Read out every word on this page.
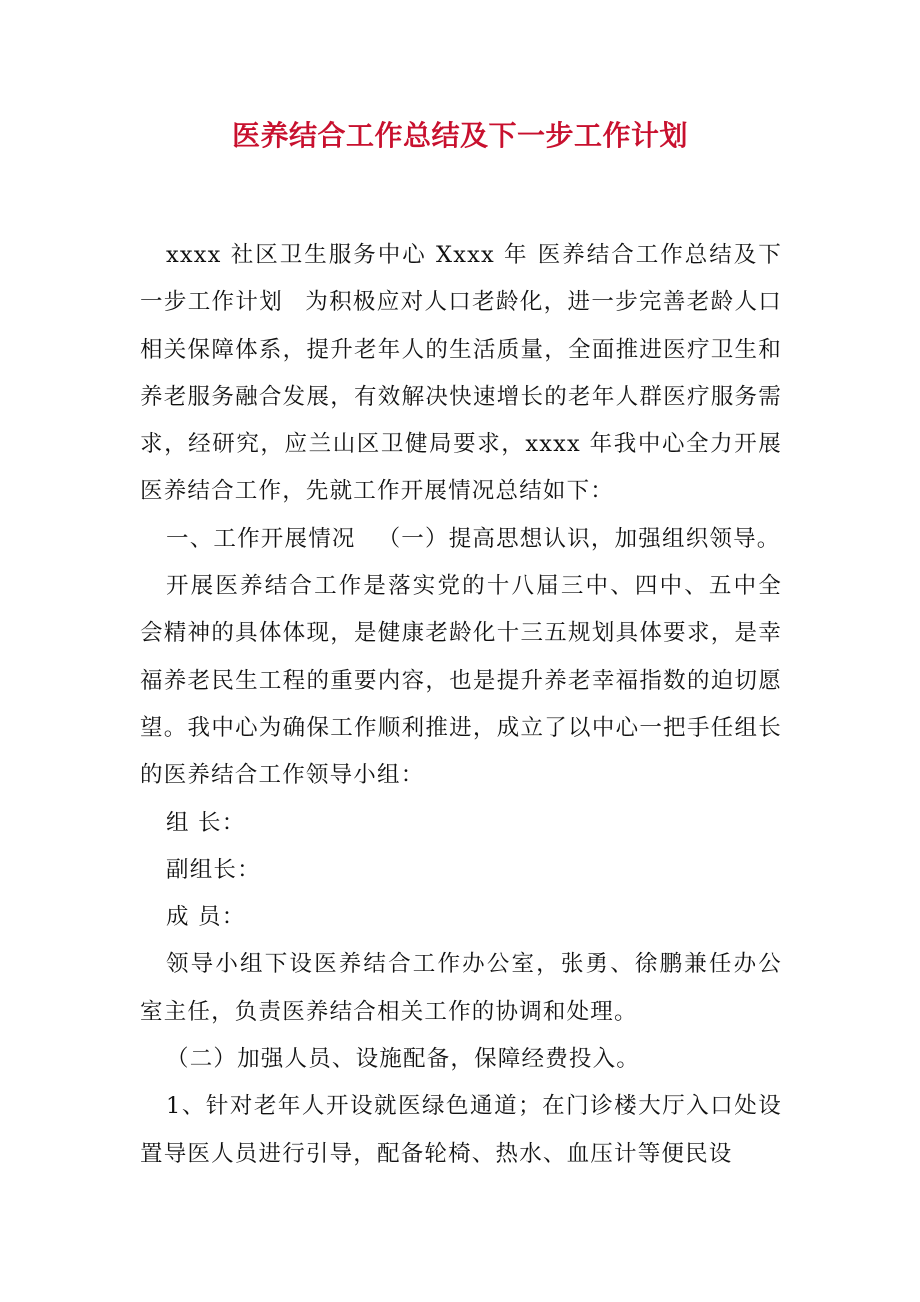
医养结合工作总结及下一步工作计划

xxxx 社区卫生服务中心 Xxxx 年 医养结合工作总结及下一步工作计划 为积极应对人口老龄化，进一步完善老龄人口相关保障体系，提升老年人的生活质量，全面推进医疗卫生和养老服务融合发展，有效解决快速增长的老年人群医疗服务需求，经研究，应兰山区卫健局要求，xxxx 年我中心全力开展医养结合工作，先就工作开展情况总结如下：

一、工作开展情况 （一）提高思想认识，加强组织领导。

开展医养结合工作是落实党的十八届三中、四中、五中全会精神的具体体现，是健康老龄化十三五规划具体要求，是幸福养老民生工程的重要内容，也是提升养老幸福指数的迫切愿望。我中心为确保工作顺利推进，成立了以中心一把手任组长的医养结合工作领导小组：

组 长：

副组长：

成 员：

领导小组下设医养结合工作办公室，张勇、徐鹏兼任办公室主任，负责医养结合相关工作的协调和处理。

（二）加强人员、设施配备，保障经费投入。

1、针对老年人开设就医绿色通道；在门诊楼大厅入口处设置导医人员进行引导，配备轮椅、热水、血压计等便民设
